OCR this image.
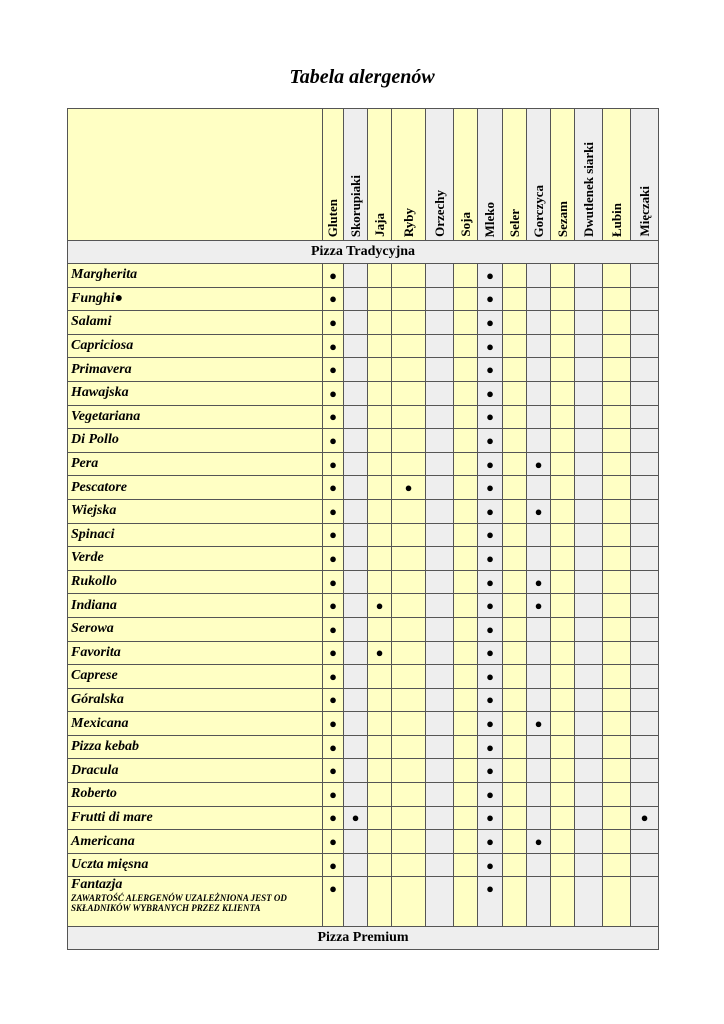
Tabela alergenów

	Gluten	Skorupiaki	Jaja	Ryby	Orzechy	Soja	Mleko	Seler	Gorczyca	Sezam	Dwutlenek siarki	Łubin	Mięczaki

Pizza Tradycyjna													
Margherita	●						●						
Funghi●	●						●						
Salami	●						●						
Capriciosa	●						●						
Primavera	●						●						
Hawajska	●						●						
Vegetariana	●						●						
Di Pollo	●						●						
Pera	●						●		●				
Pescatore	●			●			●						
Wiejska	●						●		●				
Spinaci	●						●						
Verde	●						●						
Rukollo	●						●		●				
Indiana	●		●				●		●				
Serowa	●						●						
Favorita	●		●				●						
Caprese	●						●						
Góralska	●						●						
Mexicana	●						●		●				
Pizza kebab	●						●						
Dracula	●						●						
Roberto	●						●						
Frutti di mare	●	●					●						●
Americana	●						●		●				
Uczta mięsna	●						●						
Fantazja
ZAWARTOŚĆ ALERGENÓW UZALEŻNIONA JEST OD SKŁADNIKÓW WYBRANYCH PRZEZ KLIENTA	●						●						
Pizza Premium													
